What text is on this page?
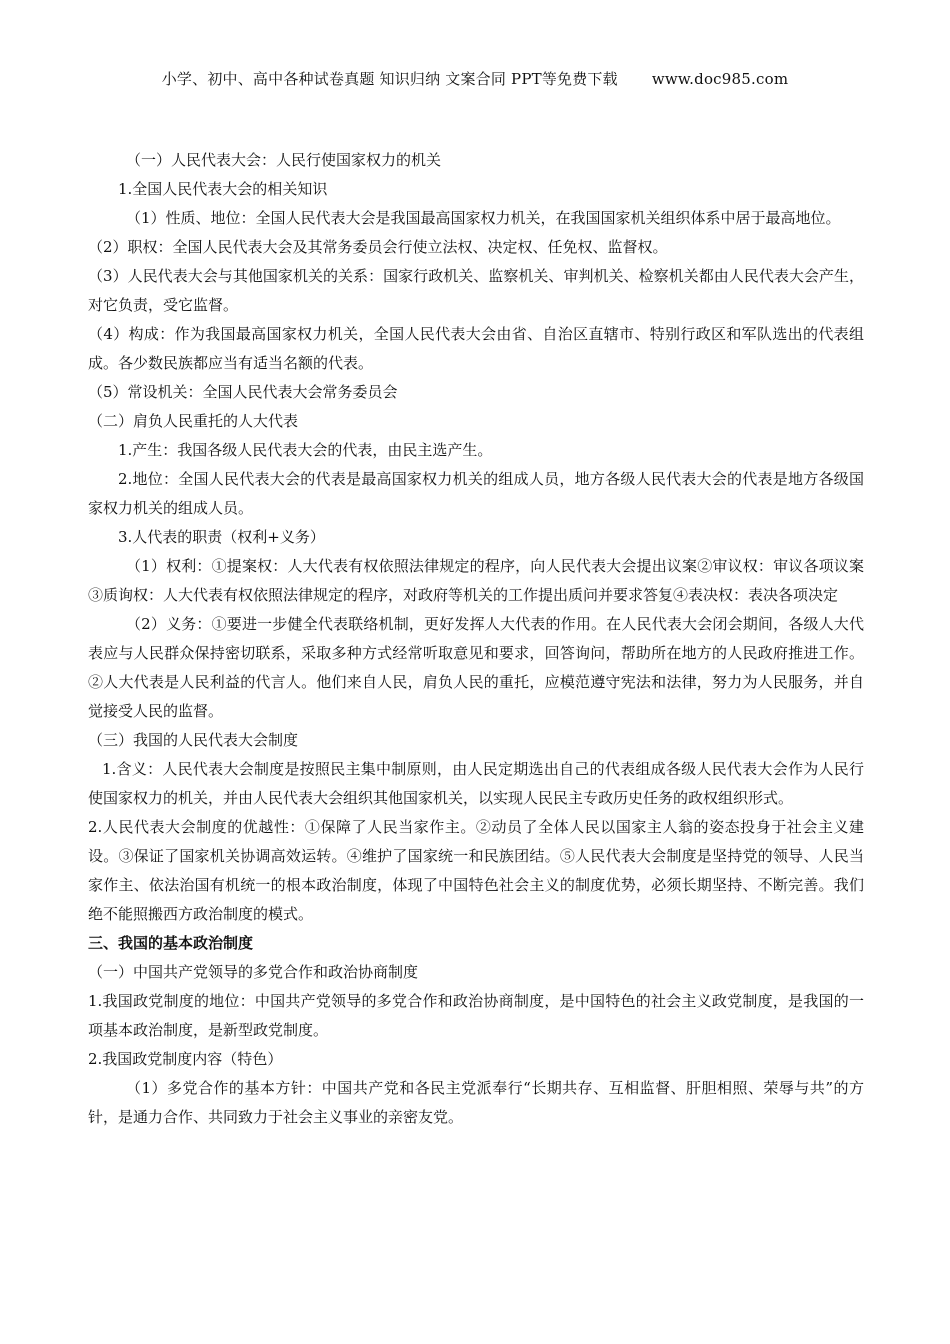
小学、初中、高中各种试卷真题 知识归纳 文案合同 PPT等免费下载 www.doc985.com

（一）人民代表大会：人民行使国家权力的机关

1.全国人民代表大会的相关知识

（1）性质、地位：全国人民代表大会是我国最高国家权力机关，在我国国家机关组织体系中居于最高地位。

（2）职权：全国人民代表大会及其常务委员会行使立法权、决定权、任免权、监督权。

（3）人民代表大会与其他国家机关的关系：国家行政机关、监察机关、审判机关、检察机关都由人民代表大会产生，对它负责，受它监督。

（4）构成：作为我国最高国家权力机关，全国人民代表大会由省、自治区直辖市、特别行政区和军队选出的代表组成。各少数民族都应当有适当名额的代表。

（5）常设机关：全国人民代表大会常务委员会

（二）肩负人民重托的人大代表

1.产生：我国各级人民代表大会的代表，由民主选产生。

2.地位：全国人民代表大会的代表是最高国家权力机关的组成人员，地方各级人民代表大会的代表是地方各级国家权力机关的组成人员。

3.人代表的职责（权利+义务）

（1）权利：①提案权：人大代表有权依照法律规定的程序，向人民代表大会提出议案②审议权：审议各项议案　③质询权：人大代表有权依照法律规定的程序，对政府等机关的工作提出质问并要求答复④表决权：表决各项决定

（2）义务：①要进一步健全代表联络机制，更好发挥人大代表的作用。在人民代表大会闭会期间，各级人大代表应与人民群众保持密切联系，采取多种方式经常听取意见和要求，回答询问，帮助所在地方的人民政府推进工作。②人大代表是人民利益的代言人。他们来自人民，肩负人民的重托，应模范遵守宪法和法律，努力为人民服务，并自觉接受人民的监督。

（三）我国的人民代表大会制度

1.含义：人民代表大会制度是按照民主集中制原则，由人民定期选出自己的代表组成各级人民代表大会作为人民行使国家权力的机关，并由人民代表大会组织其他国家机关，以实现人民民主专政历史任务的政权组织形式。

2.人民代表大会制度的优越性：①保障了人民当家作主。②动员了全体人民以国家主人翁的姿态投身于社会主义建设。③保证了国家机关协调高效运转。④维护了国家统一和民族团结。⑤人民代表大会制度是坚持党的领导、人民当家作主、依法治国有机统一的根本政治制度，体现了中国特色社会主义的制度优势，必须长期坚持、不断完善。我们绝不能照搬西方政治制度的模式。

三、我国的基本政治制度

（一）中国共产党领导的多党合作和政治协商制度

1.我国政党制度的地位：中国共产党领导的多党合作和政治协商制度，是中国特色的社会主义政党制度，是我国的一项基本政治制度，是新型政党制度。

2.我国政党制度内容（特色）

（1）多党合作的基本方针：中国共产党和各民主党派奉行“长期共存、互相监督、肝胆相照、荣辱与共”的方针，是通力合作、共同致力于社会主义事业的亲密友党。
